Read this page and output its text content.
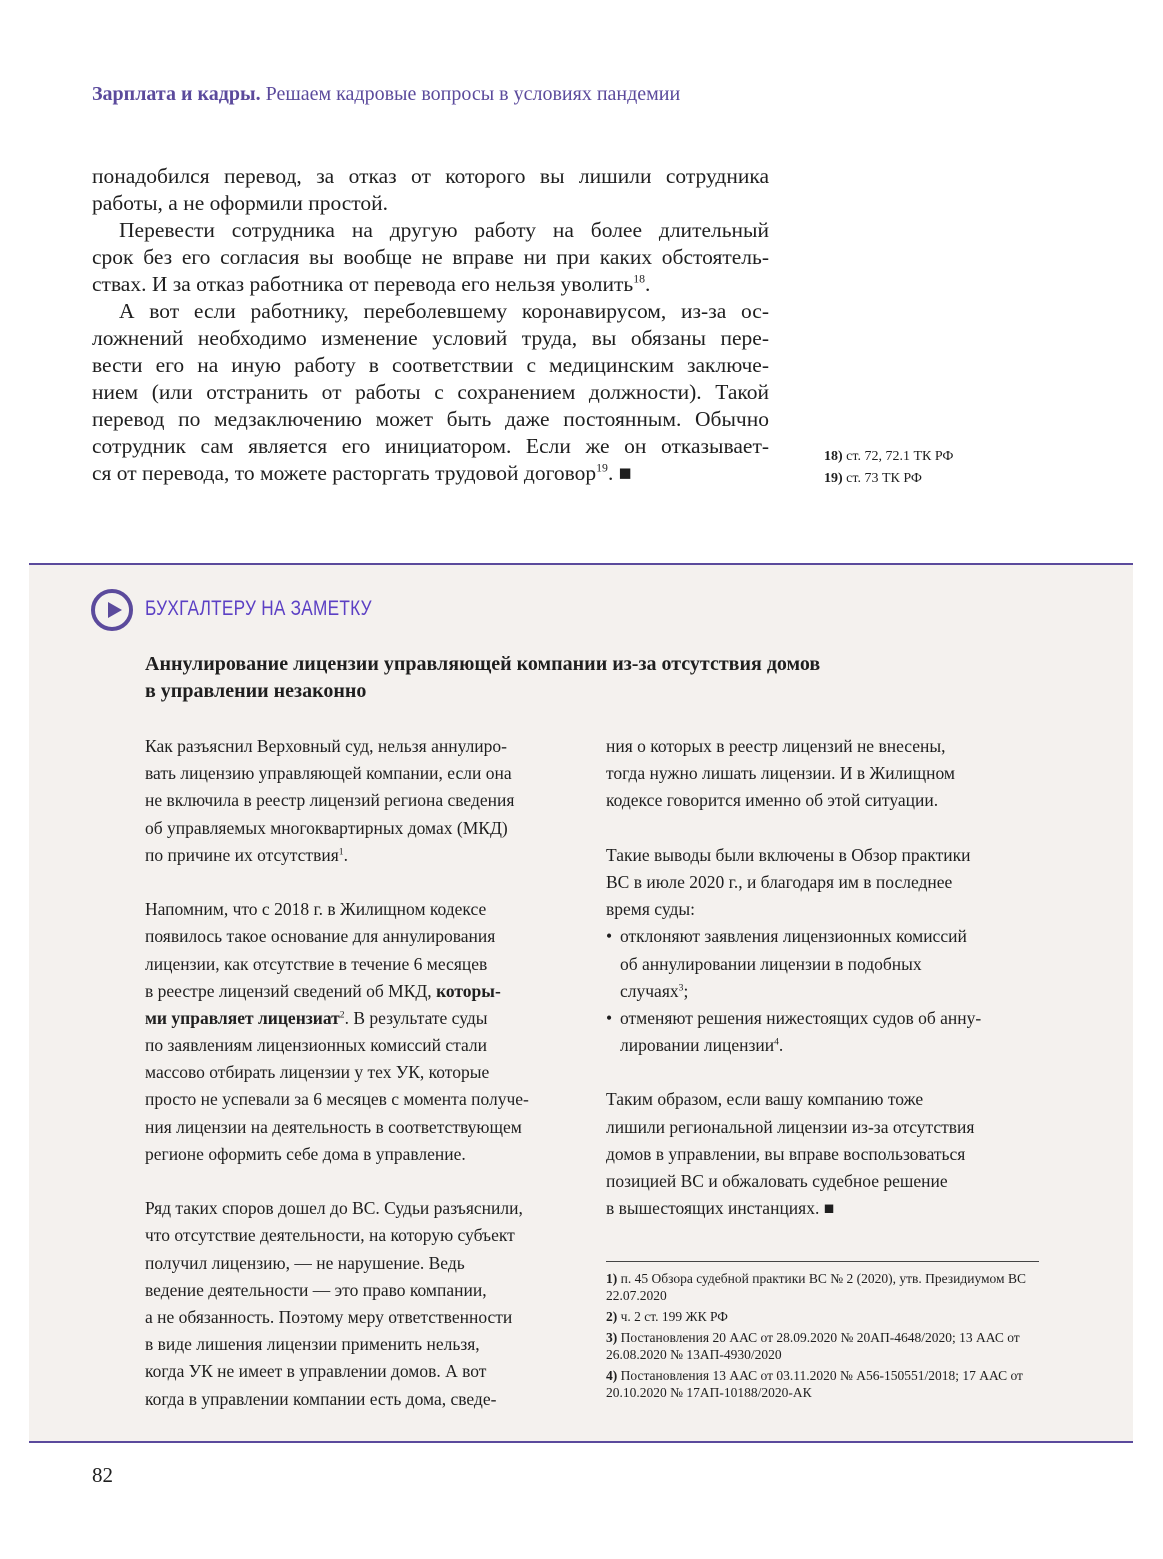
Зарплата и кадры. Решаем кадровые вопросы в условиях пандемии
понадобился перевод, за отказ от которого вы лишили сотрудника
работы, а не оформили простой.
Перевести сотрудника на другую работу на более длительный
срок без его согласия вы вообще не вправе ни при каких обстоятель-
ствах. И за отказ работника от перевода его нельзя уволить$^{18}$.
А вот если работнику, переболевшему коронавирусом, из-за ос-
ложнений необходимо изменение условий труда, вы обязаны пере-
вести его на иную работу в соответствии с медицинским заключе-
нием (или отстранить от работы с сохранением должности). Такой
перевод по медзаключению может быть даже постоянным. Обычно
сотрудник сам является его инициатором. Если же он отказывает-
ся от перевода, то можете расторгать трудовой договор$^{19}$. ■
18) ст. 72, 72.1 ТК РФ
19) ст. 73 ТК РФ
БУХГАЛТЕРУ НА ЗАМЕТКУ
Аннулирование лицензии управляющей компании из-за отсутствия домов
в управлении незаконно
Как разъяснил Верховный суд, нельзя аннулиро-
вать лицензию управляющей компании, если она
не включила в реестр лицензий региона сведения
об управляемых многоквартирных домах (МКД)
по причине их отсутствия$^1$.
Напомним, что с 2018 г. в Жилищном кодексе
появилось такое основание для аннулирования
лицензии, как отсутствие в течение 6 месяцев
в реестре лицензий сведений об МКД, которы-
ми управляет лицензиат$^2$. В результате суды
по заявлениям лицензионных комиссий стали
массово отбирать лицензии у тех УК, которые
просто не успевали за 6 месяцев с момента получе-
ния лицензии на деятельность в соответствующем
регионе оформить себе дома в управление.
Ряд таких споров дошел до ВС. Судьи разъяснили,
что отсутствие деятельности, на которую субъект
получил лицензию, — не нарушение. Ведь
ведение деятельности — это право компании,
а не обязанность. Поэтому меру ответственности
в виде лишения лицензии применить нельзя,
когда УК не имеет в управлении домов. А вот
когда в управлении компании есть дома, сведе-
ния о которых в реестр лицензий не внесены,
тогда нужно лишать лицензии. И в Жилищном
кодексе говорится именно об этой ситуации.
Такие выводы были включены в Обзор практики
ВС в июле 2020 г., и благодаря им в последнее
время суды:
• отклоняют заявления лицензионных комиссий
об аннулировании лицензии в подобных
случаях$^3$;
• отменяют решения нижестоящих судов об анну-
лировании лицензии$^4$.
Таким образом, если вашу компанию тоже
лишили региональной лицензии из-за отсутствия
домов в управлении, вы вправе воспользоваться
позицией ВС и обжаловать судебное решение
в вышестоящих инстанциях. ■
1) п. 45 Обзора судебной практики ВС № 2 (2020), утв. Президиумом ВС 22.07.2020
2) ч. 2 ст. 199 ЖК РФ
3) Постановления 20 ААС от 28.09.2020 № 20АП-4648/2020; 13 ААС от 26.08.2020 № 13АП-4930/2020
4) Постановления 13 ААС от 03.11.2020 № А56-150551/2018; 17 ААС от 20.10.2020 № 17АП-10188/2020-АК
82
